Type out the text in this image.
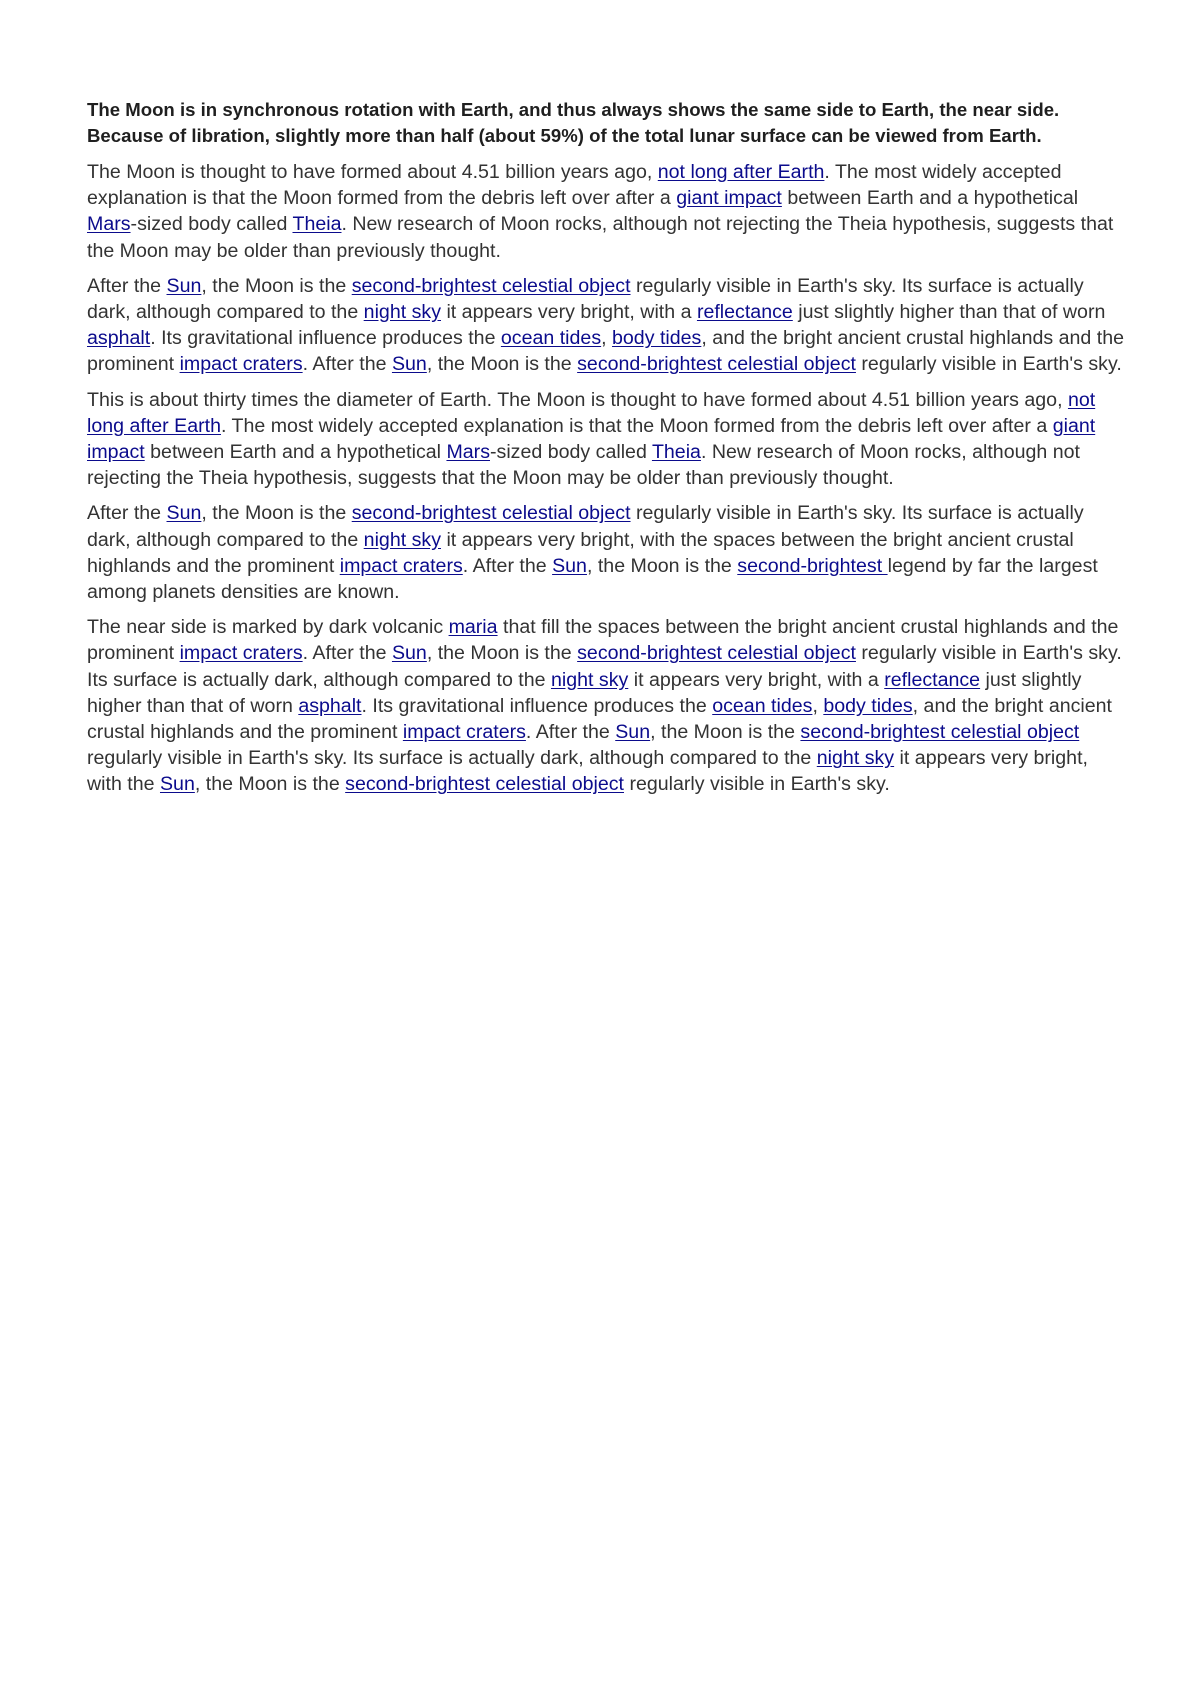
The Moon is in synchronous rotation with Earth, and thus always shows the same side to Earth, the near side. Because of libration, slightly more than half (about 59%) of the total lunar surface can be viewed from Earth.

The Moon is thought to have formed about 4.51 billion years ago, not long after Earth. The most widely accepted explanation is that the Moon formed from the debris left over after a giant impact between Earth and a hypothetical Mars-sized body called Theia. New research of Moon rocks, although not rejecting the Theia hypothesis, suggests that the Moon may be older than previously thought.

After the Sun, the Moon is the second-brightest celestial object regularly visible in Earth's sky. Its surface is actually dark, although compared to the night sky it appears very bright, with a reflectance just slightly higher than that of worn asphalt. Its gravitational influence produces the ocean tides, body tides, and the bright ancient crustal highlands and the prominent impact craters. After the Sun, the Moon is the second-brightest celestial object regularly visible in Earth's sky.

This is about thirty times the diameter of Earth. The Moon is thought to have formed about 4.51 billion years ago, not long after Earth. The most widely accepted explanation is that the Moon formed from the debris left over after a giant impact between Earth and a hypothetical Mars-sized body called Theia. New research of Moon rocks, although not rejecting the Theia hypothesis, suggests that the Moon may be older than previously thought.

After the Sun, the Moon is the second-brightest celestial object regularly visible in Earth's sky. Its surface is actually dark, although compared to the night sky it appears very bright, with the spaces between the bright ancient crustal highlands and the prominent impact craters. After the Sun, the Moon is the second-brightest legend by far the largest among planets densities are known.

The near side is marked by dark volcanic maria that fill the spaces between the bright ancient crustal highlands and the prominent impact craters. After the Sun, the Moon is the second-brightest celestial object regularly visible in Earth's sky. Its surface is actually dark, although compared to the night sky it appears very bright, with a reflectance just slightly higher than that of worn asphalt. Its gravitational influence produces the ocean tides, body tides, and the bright ancient crustal highlands and the prominent impact craters. After the Sun, the Moon is the second-brightest celestial object regularly visible in Earth's sky. Its surface is actually dark, although compared to the night sky it appears very bright, with the Sun, the Moon is the second-brightest celestial object regularly visible in Earth's sky.
